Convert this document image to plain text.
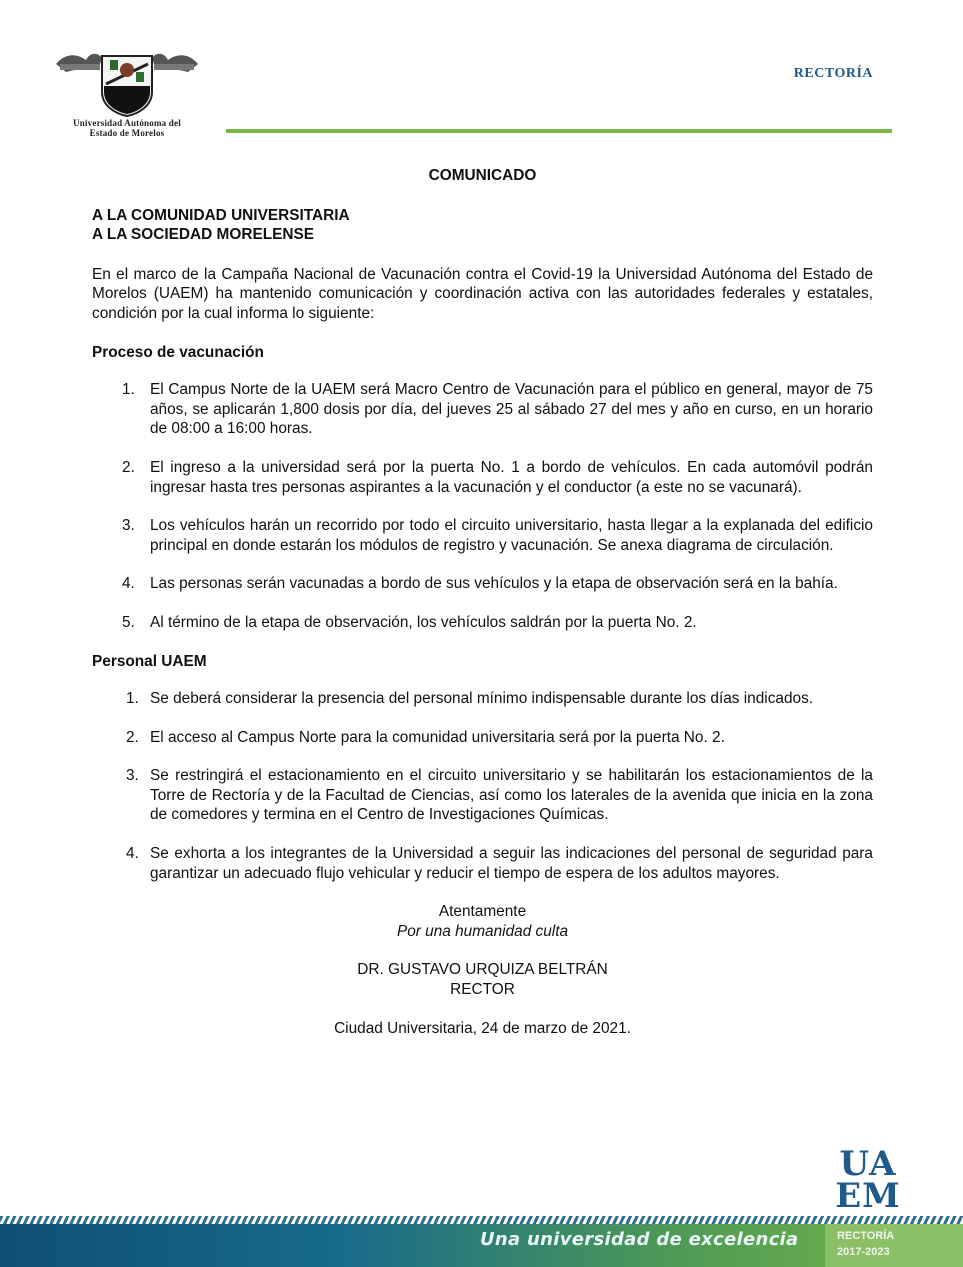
Universidad Autónoma del
Estado de Morelos
RECTORÍA
COMUNICADO
A LA COMUNIDAD UNIVERSITARIA
A LA SOCIEDAD MORELENSE
En el marco de la Campaña Nacional de Vacunación contra el Covid-19 la Universidad Autónoma del Estado de Morelos (UAEM) ha mantenido comunicación y coordinación activa con las autoridades federales y estatales, condición por la cual informa lo siguiente:
Proceso de vacunación
1. El Campus Norte de la UAEM será Macro Centro de Vacunación para el público en general, mayor de 75 años, se aplicarán 1,800 dosis por día, del jueves 25 al sábado 27 del mes y año en curso, en un horario de 08:00 a 16:00 horas.
2. El ingreso a la universidad será por la puerta No. 1 a bordo de vehículos. En cada automóvil podrán ingresar hasta tres personas aspirantes a la vacunación y el conductor (a este no se vacunará).
3. Los vehículos harán un recorrido por todo el circuito universitario, hasta llegar a la explanada del edificio principal en donde estarán los módulos de registro y vacunación. Se anexa diagrama de circulación.
4. Las personas serán vacunadas a bordo de sus vehículos y la etapa de observación será en la bahía.
5. Al término de la etapa de observación, los vehículos saldrán por la puerta No. 2.
Personal UAEM
1. Se deberá considerar la presencia del personal mínimo indispensable durante los días indicados.
2. El acceso al Campus Norte para la comunidad universitaria será por la puerta No. 2.
3. Se restringirá el estacionamiento en el circuito universitario y se habilitarán los estacionamientos de la Torre de Rectoría y de la Facultad de Ciencias, así como los laterales de la avenida que inicia en la zona de comedores y termina en el Centro de Investigaciones Químicas.
4. Se exhorta a los integrantes de la Universidad a seguir las indicaciones del personal de seguridad para garantizar un adecuado flujo vehicular y reducir el tiempo de espera de los adultos mayores.
Atentamente
Por una humanidad culta
DR. GUSTAVO URQUIZA BELTRÁN
RECTOR
Ciudad Universitaria, 24 de marzo de 2021.
UA
EM
Una universidad de excelencia	RECTORÍA
2017-2023
